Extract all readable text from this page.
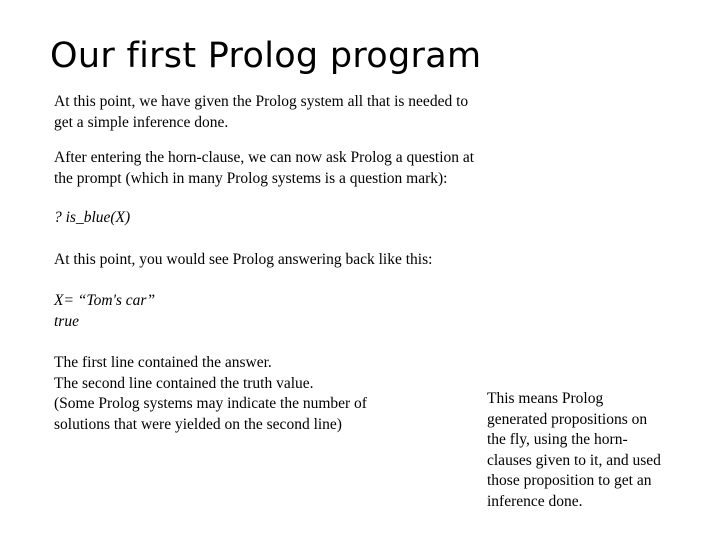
Our first Prolog program
At this point, we have given the Prolog system all that is needed to
get a simple inference done.
After entering the horn-clause, we can now ask Prolog a question at
the prompt (which in many Prolog systems is a question mark):
? is_blue(X)
At this point, you would see Prolog answering back like this:
X= “Tom's car”
true
The first line contained the answer.
The second line contained the truth value.
(Some Prolog systems may indicate the number of
solutions that were yielded on the second line)
This means Prolog
generated propositions on
the fly, using the horn-
clauses given to it, and used
those proposition to get an
inference done.
